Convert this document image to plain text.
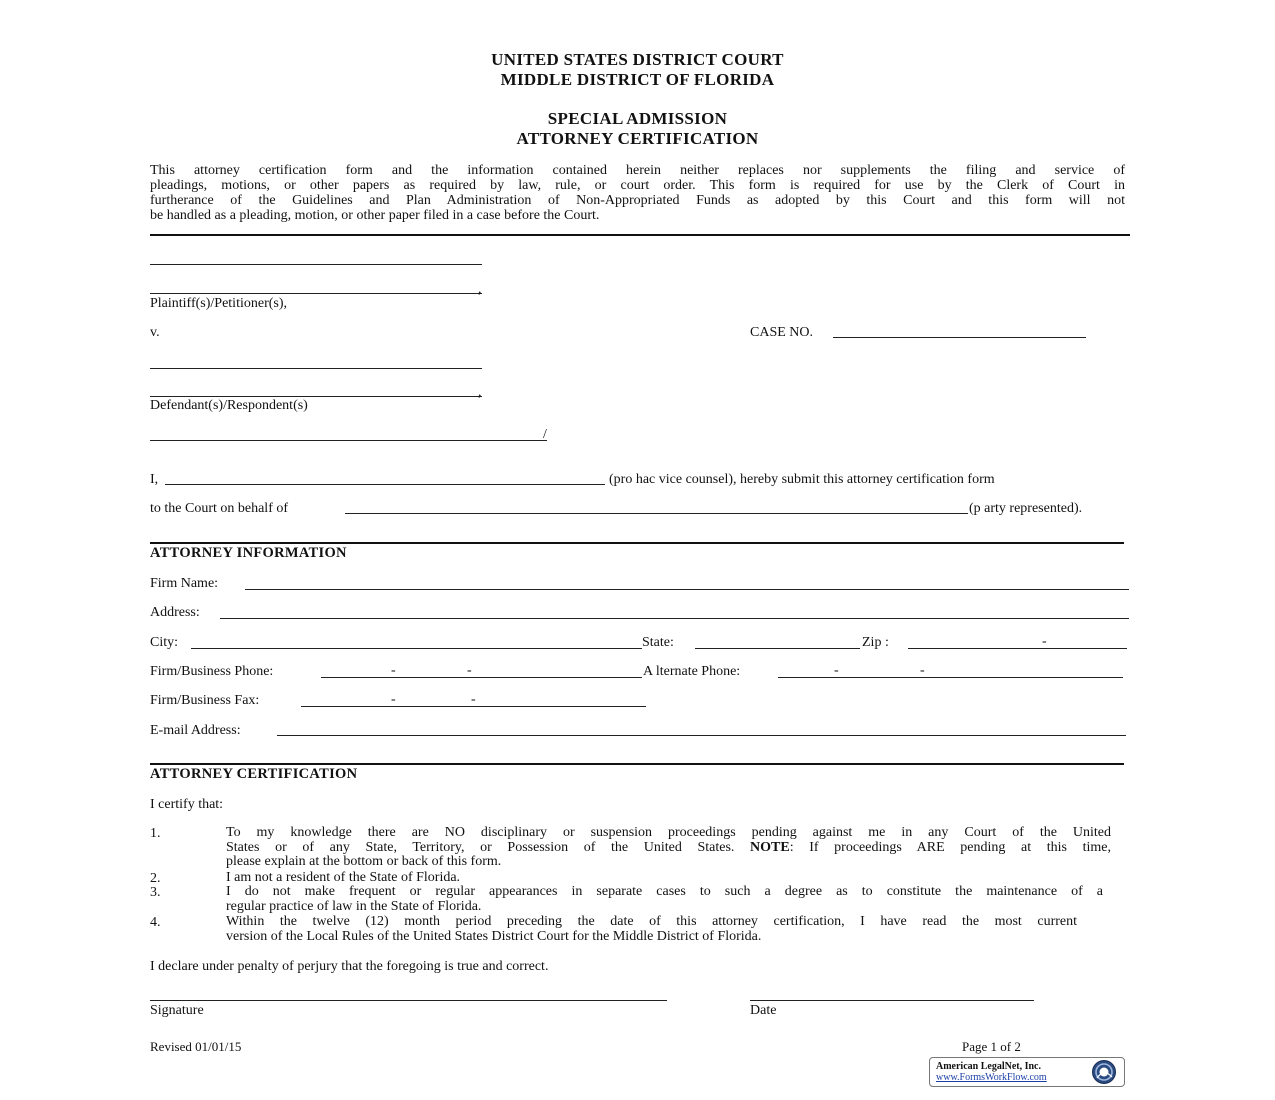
UNITED STATES DISTRICT COURT
MIDDLE DISTRICT OF FLORIDA
SPECIAL ADMISSION
ATTORNEY CERTIFICATION
This attorney certification form and the information contained herein neither replaces nor supplements the filing and service of
pleadings, motions, or other papers as required by law, rule, or court order. This form is required for use by the Clerk of Court in
furtherance of the Guidelines and Plan Administration of Non-Appropriated Funds as adopted by this Court and this form will not
be handled as a pleading, motion, or other paper filed in a case before the Court.
,
Plaintiff(s)/Petitioner(s),
v.	CASE NO.
,
Defendant(s)/Respondent(s)
/
I,	(pro hac vice counsel), hereby submit this attorney certification form
to the Court on behalf of	(p arty represented).
ATTORNEY INFORMATION
Firm Name:
Address:
City:	State:	Zip :	-
Firm/Business Phone:	-	-	A lternate Phone:	-	-
Firm/Business Fax:	-	-
E-mail Address:
ATTORNEY CERTIFICATION
I certify that:
1.	To my knowledge there are NO disciplinary or suspension proceedings pending against me in any Court of the United
States or of any State, Territory, or Possession of the United States. NOTE: If proceedings ARE pending at this time,
please explain at the bottom or back of this form.
2.	I am not a resident of the State of Florida.
3.	I do not make frequent or regular appearances in separate cases to such a degree as to constitute the maintenance of a
regular practice of law in the State of Florida.
4.	Within the twelve (12) month period preceding the date of this attorney certification, I have read the most current
version of the Local Rules of the United States District Court for the Middle District of Florida.
I declare under penalty of perjury that the foregoing is true and correct.
Signature	Date
Revised 01/01/15	Page 1 of 2
American LegalNet, Inc.
www.FormsWorkFlow.com
